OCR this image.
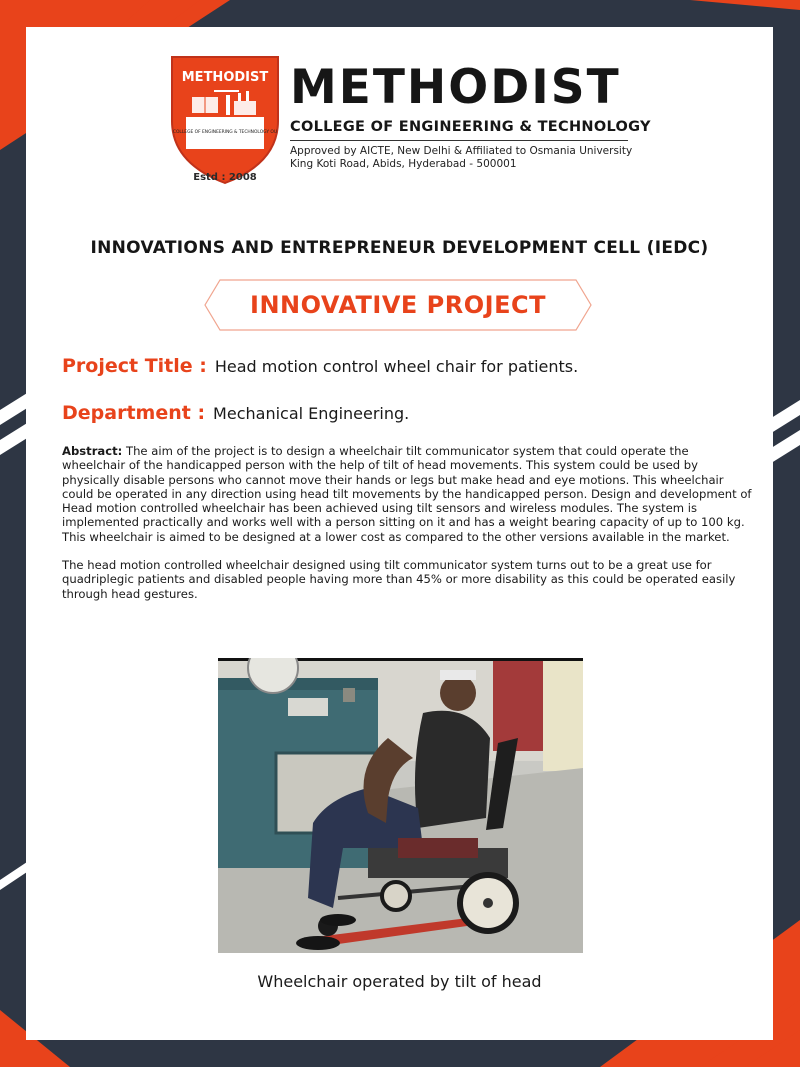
METHODIST
COLLEGE OF ENGINEERING & TECHNOLOGY OU
Estd : 2008
METHODIST
COLLEGE OF ENGINEERING & TECHNOLOGY
Approved by AICTE, New Delhi & Affiliated to Osmania University
King Koti Road, Abids, Hyderabad - 500001
INNOVATIONS AND ENTREPRENEUR DEVELOPMENT CELL (IEDC)
INNOVATIVE PROJECT
Project Title : Head motion control wheel chair for patients.
Department : Mechanical Engineering.

Abstract: The aim of the project is to design a wheelchair tilt communicator system that could operate the wheelchair of the handicapped person with the help of tilt of head movements. This system could be used by physically disable persons who cannot move their hands or legs but make head and eye motions. This wheelchair could be operated in any direction using head tilt movements by the handicapped person. Design and development of Head motion controlled wheelchair has been achieved using tilt sensors and wireless modules. The system is implemented practically and works well with a person sitting on it and has a weight bearing capacity of up to 100 kg. This wheelchair is aimed to be designed at a lower cost as compared to the other versions available in the market.

The head motion controlled wheelchair designed using tilt communicator system turns out to be a great use for quadriplegic patients and disabled people having more than 45% or more disability as this could be operated easily through head gestures.

Wheelchair operated by tilt of head
